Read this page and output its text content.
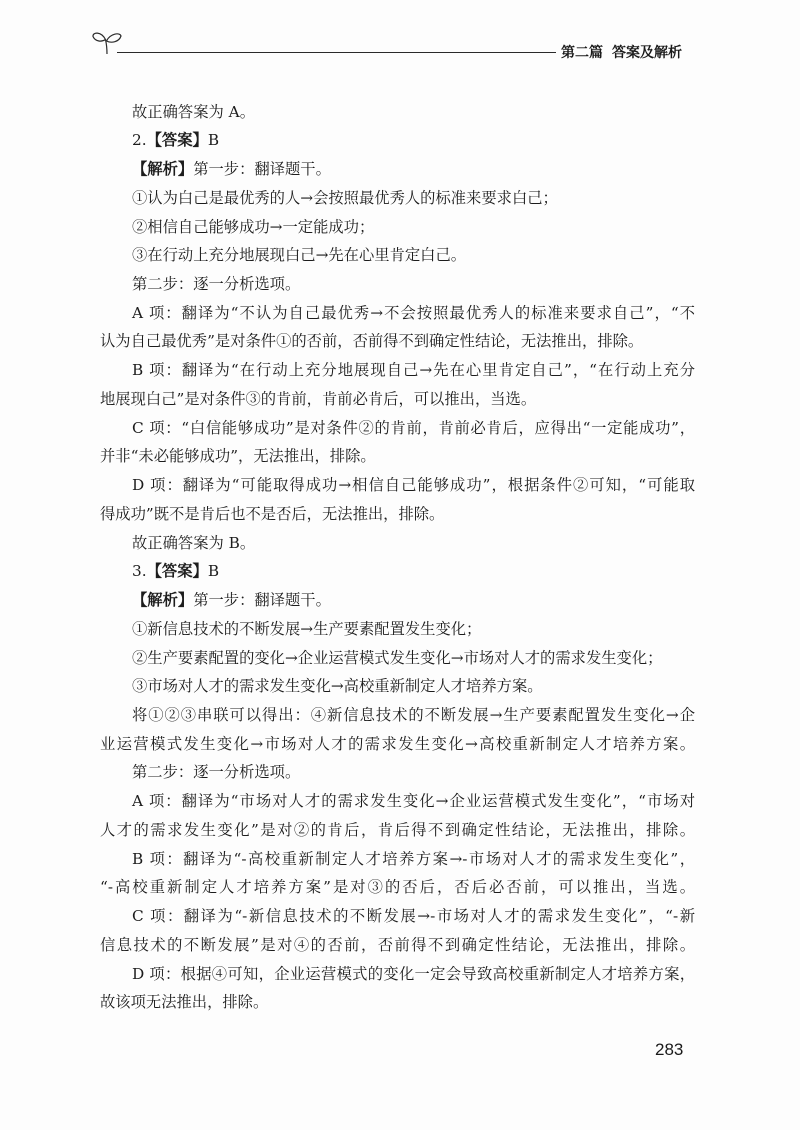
第二篇 答案及解析
故正确答案为 A。
2.【答案】B
【解析】第一步：翻译题干。
①认为白己是最优秀的人→会按照最优秀人的标准来要求白己；
②相信自己能够成功→一定能成功；
③在行动上充分地展现白己→先在心里肯定白己。
第二步：逐一分析选项。
A 项：翻译为“不认为自己最优秀→不会按照最优秀人的标准来要求自己”，“不
认为自己最优秀”是对条件①的否前，否前得不到确定性结论，无法推出，排除。
B 项：翻译为“在行动上充分地展现自己→先在心里肯定自己”，“在行动上充分
地展现白己”是对条件③的肯前，肯前必肯后，可以推出，当选。
C 项：“白信能够成功”是对条件②的肯前，肯前必肯后，应得出“一定能成功”，
并非“未必能够成功”，无法推出，排除。
D 项：翻译为“可能取得成功→相信自己能够成功”，根据条件②可知，“可能取
得成功”既不是肯后也不是否后，无法推出，排除。
故正确答案为 B。
3.【答案】B
【解析】第一步：翻译题干。
①新信息技术的不断发展→生产要素配置发生变化；
②生产要素配置的变化→企业运营模式发生变化→市场对人才的需求发生变化；
③市场对人才的需求发生变化→高校重新制定人才培养方案。
将①②③串联可以得出：④新信息技术的不断发展→生产要素配置发生变化→企
业运营模式发生变化→市场对人才的需求发生变化→高校重新制定人才培养方案。
第二步：逐一分析选项。
A 项：翻译为“市场对人才的需求发生变化→企业运营模式发生变化”，“市场对
人才的需求发生变化”是对②的肯后，肯后得不到确定性结论，无法推出，排除。
B 项：翻译为“-高校重新制定人才培养方案→-市场对人才的需求发生变化”，
“-高校重新制定人才培养方案”是对③的否后，否后必否前，可以推出，当选。
C 项：翻译为“-新信息技术的不断发展→-市场对人才的需求发生变化”，“-新
信息技术的不断发展”是对④的否前，否前得不到确定性结论，无法推出，排除。
D 项：根据④可知，企业运营模式的变化一定会导致高校重新制定人才培养方案，
故该项无法推出，排除。
283
